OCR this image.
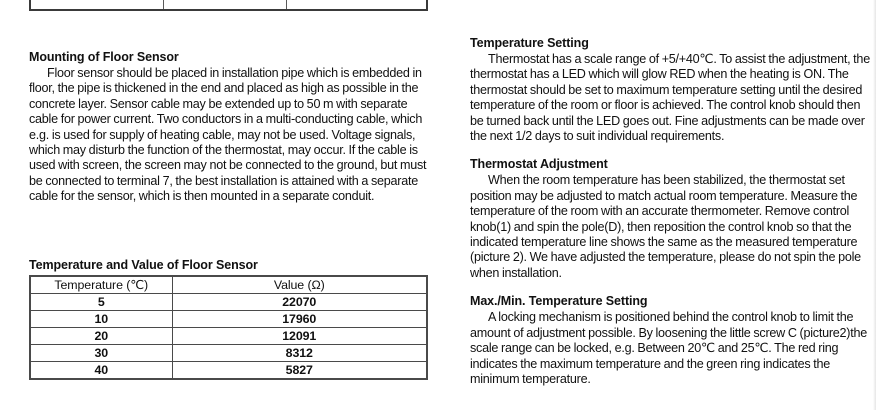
Mounting of Floor Sensor

Floor sensor should be placed in installation pipe which is embedded in floor, the pipe is thickened in the end and placed as high as possible in the concrete layer. Sensor cable may be extended up to 50 m with separate cable for power current. Two conductors in a multi-conducting cable, which e.g. is used for supply of heating cable, may not be used. Voltage signals, which may disturb the function of the thermostat, may occur. If the cable is used with screen, the screen may not be connected to the ground, but must be connected to terminal 7, the best installation is attained with a separate cable for the sensor, which is then mounted in a separate conduit.

Temperature and Value of Floor Sensor
Temperature (℃)	Value (Ω)
5	22070
10	17960
20	12091
30	8312
40	5827
Temperature Setting

Thermostat has a scale range of +5/+40℃. To assist the adjustment, the thermostat has a LED which will glow RED when the heating is ON. The thermostat should be set to maximum temperature setting until the desired temperature of the room or floor is achieved. The control knob should then be turned back until the LED goes out. Fine adjustments can be made over the next 1/2 days to suit individual requirements.

Thermostat Adjustment

When the room temperature has been stabilized, the thermostat set position may be adjusted to match actual room temperature. Measure the temperature of the room with an accurate thermometer. Remove control knob(1) and spin the pole(D), then reposition the control knob so that the indicated temperature line shows the same as the measured temperature (picture 2). We have adjusted the temperature, please do not spin the pole when installation.

Max./Min. Temperature Setting

A locking mechanism is positioned behind the control knob to limit the amount of adjustment possible. By loosening the little screw C (picture2)the scale range can be locked, e.g. Between 20℃ and 25℃. The red ring indicates the maximum temperature and the green ring indicates the minimum temperature.
